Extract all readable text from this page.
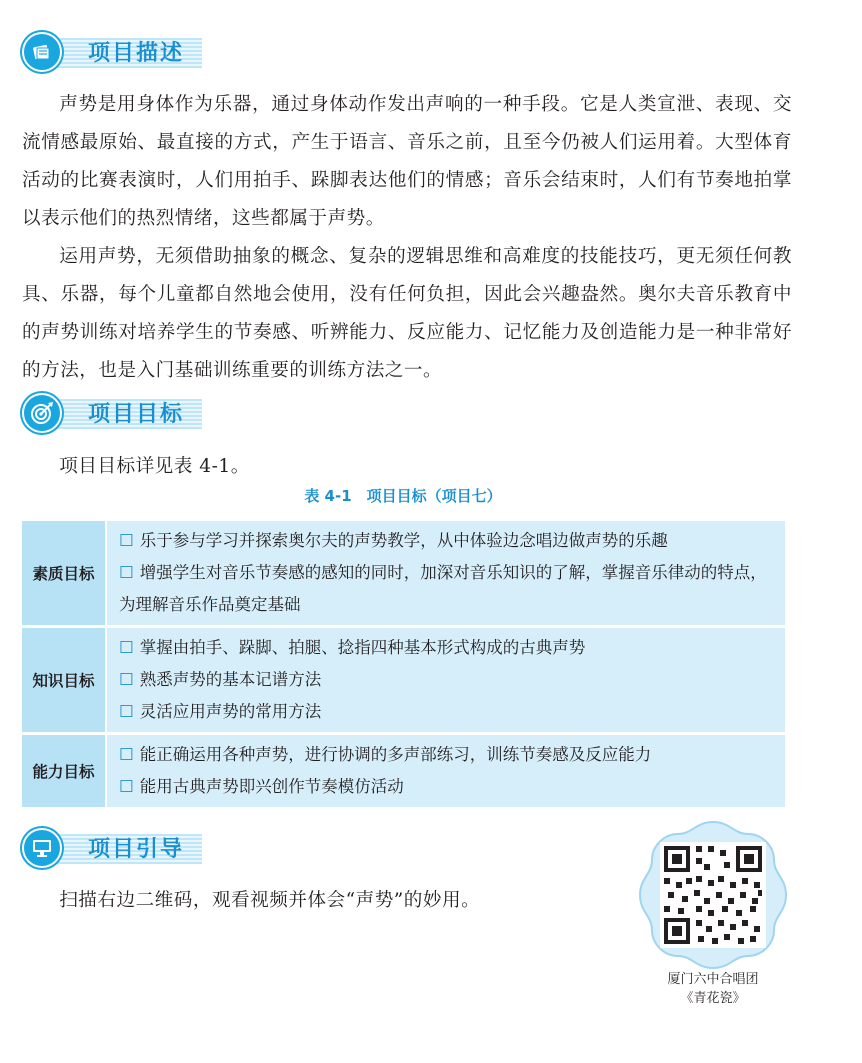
项目描述

声势是用身体作为乐器，通过身体动作发出声响的一种手段。它是人类宣泄、表现、交流情感最原始、最直接的方式，产生于语言、音乐之前，且至今仍被人们运用着。大型体育活动的比赛表演时，人们用拍手、跺脚表达他们的情感；音乐会结束时，人们有节奏地拍掌以表示他们的热烈情绪，这些都属于声势。

运用声势，无须借助抽象的概念、复杂的逻辑思维和高难度的技能技巧，更无须任何教具、乐器，每个儿童都自然地会使用，没有任何负担，因此会兴趣盎然。奥尔夫音乐教育中的声势训练对培养学生的节奏感、听辨能力、反应能力、记忆能力及创造能力是一种非常好的方法，也是入门基础训练重要的训练方法之一。

项目目标

项目目标详见表 4-1。

表 4-1　项目目标（项目七）
素质目标	☐ 乐于参与学习并探索奥尔夫的声势教学，从中体验边念唱边做声势的乐趣
☐ 增强学生对音乐节奏感的感知的同时，加深对音乐知识的了解，掌握音乐律动的特点，为理解音乐作品奠定基础

知识目标	☐ 掌握由拍手、跺脚、拍腿、捻指四种基本形式构成的古典声势
☐ 熟悉声势的基本记谱方法
☐ 灵活应用声势的常用方法

能力目标	☐ 能正确运用各种声势，进行协调的多声部练习，训练节奏感及反应能力
☐ 能用古典声势即兴创作节奏模仿活动
项目引导

扫描右边二维码，观看视频并体会“声势”的妙用。

厦门六中合唱团
《青花瓷》
